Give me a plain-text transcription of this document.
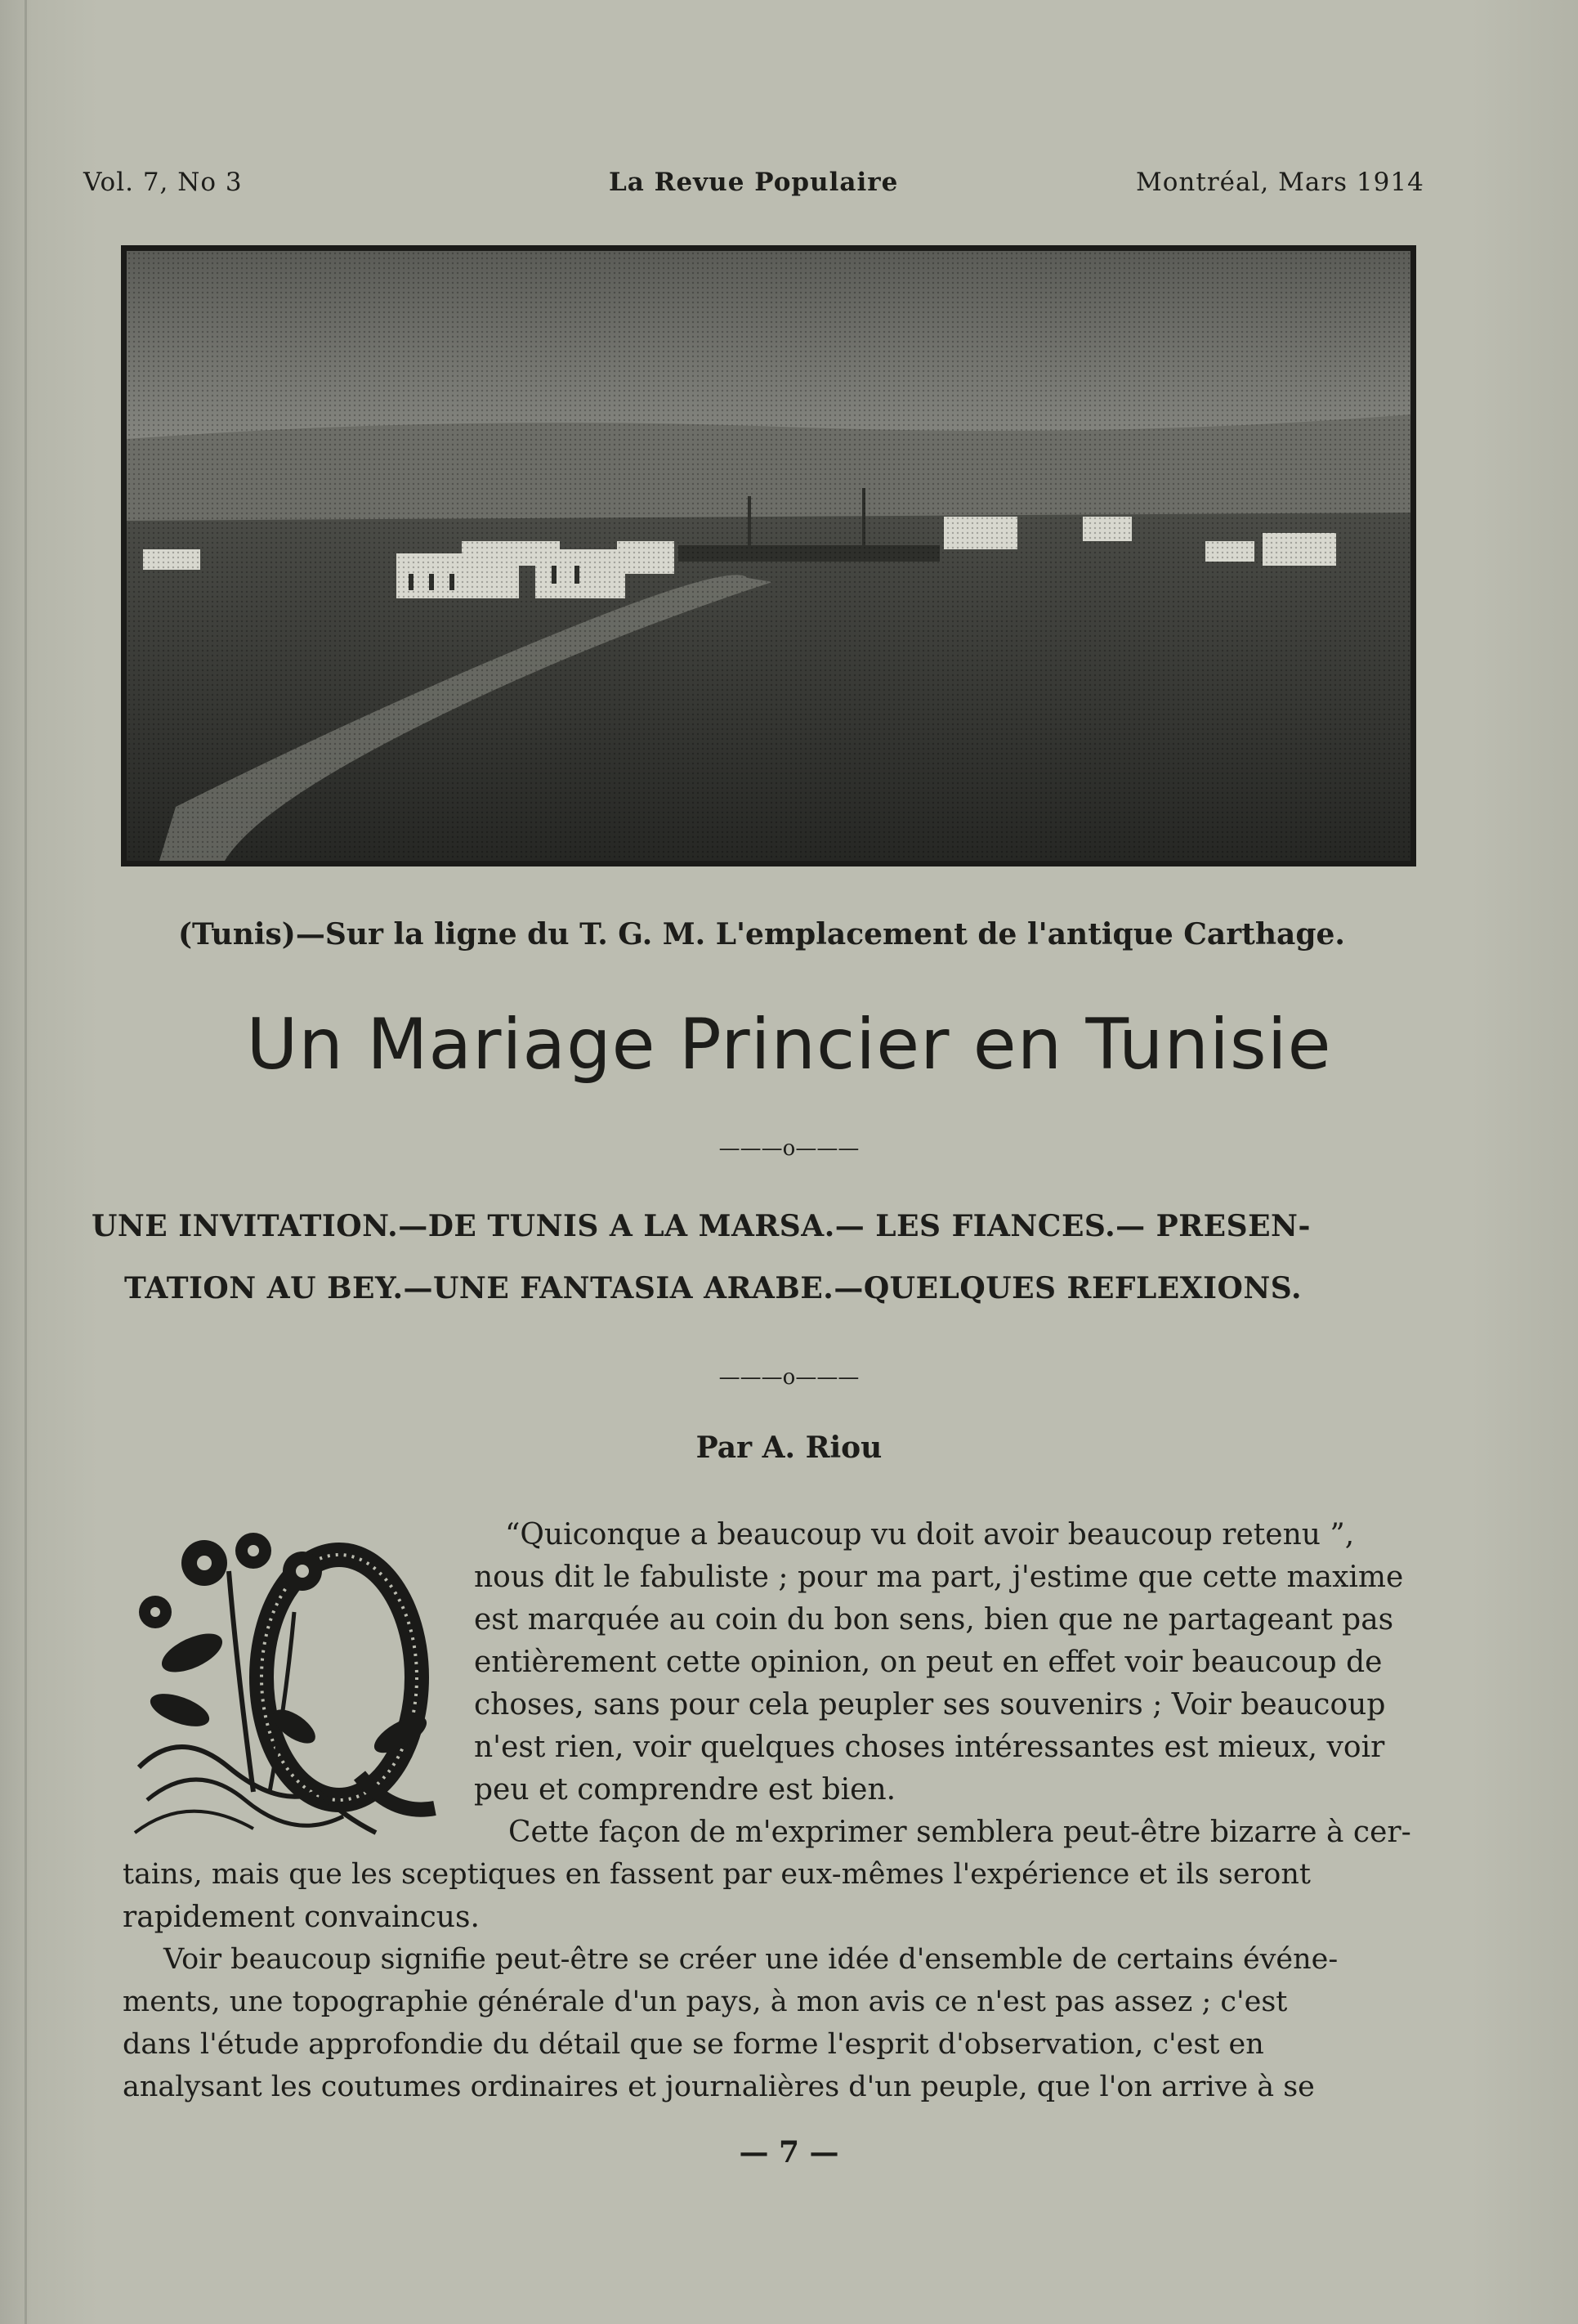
Vol. 7, No 3	La Revue Populaire	Montréal, Mars 1914
(Tunis)—Sur la ligne du T. G. M. L'emplacement de l'antique Carthage.
Un Mariage Princier en Tunisie
———o———
UNE INVITATION.—DE TUNIS A LA MARSA.— LES FIANCES.— PRESEN-
TATION AU BEY.—UNE FANTASIA ARABE.—QUELQUES REFLEXIONS.
———o———
Par A. Riou
“Quiconque a beaucoup vu doit avoir beaucoup retenu ”,
nous dit le fabuliste ; pour ma part, j'estime que cette maxime
est marquée au coin du bon sens, bien que ne partageant pas
entièrement cette opinion, on peut en effet voir beaucoup de
choses, sans pour cela peupler ses souvenirs ; Voir beaucoup
n'est rien, voir quelques choses intéressantes est mieux, voir
peu et comprendre est bien.
Cette façon de m'exprimer semblera peut-être bizarre à cer-
tains, mais que les sceptiques en fassent par eux-mêmes l'expérience et ils seront
rapidement convaincus.
Voir beaucoup signifie peut-être se créer une idée d'ensemble de certains événe-
ments, une topographie générale d'un pays, à mon avis ce n'est pas assez ; c'est
dans l'étude approfondie du détail que se forme l'esprit d'observation, c'est en
analysant les coutumes ordinaires et journalières d'un peuple, que l'on arrive à se
— 7 —
